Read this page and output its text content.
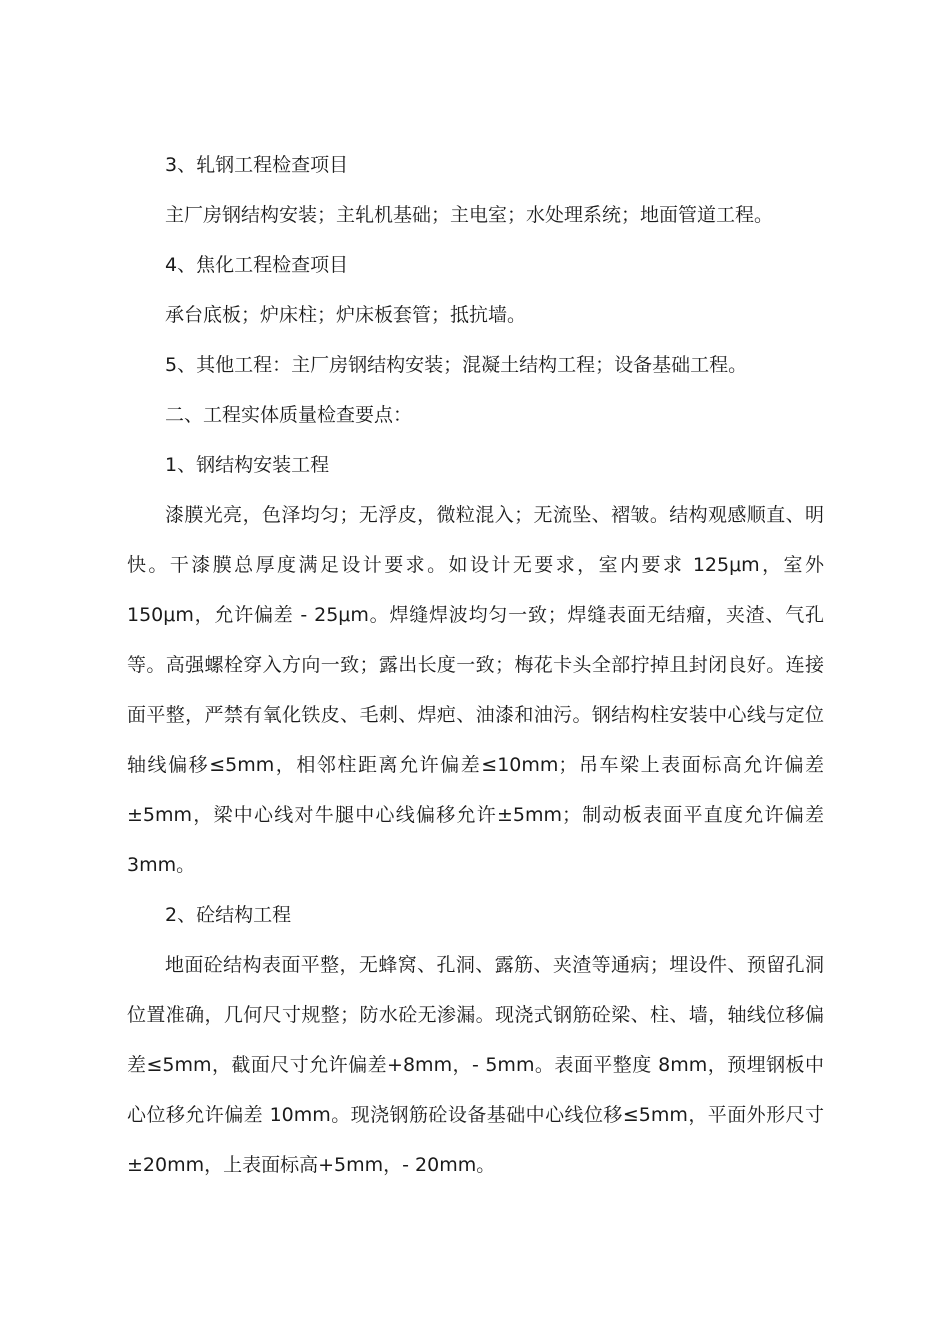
3、轧钢工程检查项目

主厂房钢结构安装；主轧机基础；主电室；水处理系统；地面管道工程。

4、焦化工程检查项目

承台底板；炉床柱；炉床板套管；抵抗墙。

5、其他工程：主厂房钢结构安装；混凝土结构工程；设备基础工程。

二、工程实体质量检查要点：

1、钢结构安装工程

漆膜光亮，色泽均匀；无浮皮，微粒混入；无流坠、褶皱。结构观感顺直、明快。干漆膜总厚度满足设计要求。如设计无要求，室内要求 125μm，室外 150μm，允许偏差 - 25μm。焊缝焊波均匀一致；焊缝表面无结瘤，夹渣、气孔等。高强螺栓穿入方向一致；露出长度一致；梅花卡头全部拧掉且封闭良好。连接面平整，严禁有氧化铁皮、毛刺、焊疤、油漆和油污。钢结构柱安装中心线与定位轴线偏移≤5mm，相邻柱距离允许偏差≤10mm；吊车梁上表面标高允许偏差±5mm，梁中心线对牛腿中心线偏移允许±5mm；制动板表面平直度允许偏差3mm。

2、砼结构工程

地面砼结构表面平整，无蜂窝、孔洞、露筋、夹渣等通病；埋设件、预留孔洞位置准确，几何尺寸规整；防水砼无渗漏。现浇式钢筋砼梁、柱、墙，轴线位移偏差≤5mm，截面尺寸允许偏差+8mm，- 5mm。表面平整度 8mm，预埋钢板中心位移允许偏差 10mm。现浇钢筋砼设备基础中心线位移≤5mm，平面外形尺寸±20mm，上表面标高+5mm，- 20mm。
